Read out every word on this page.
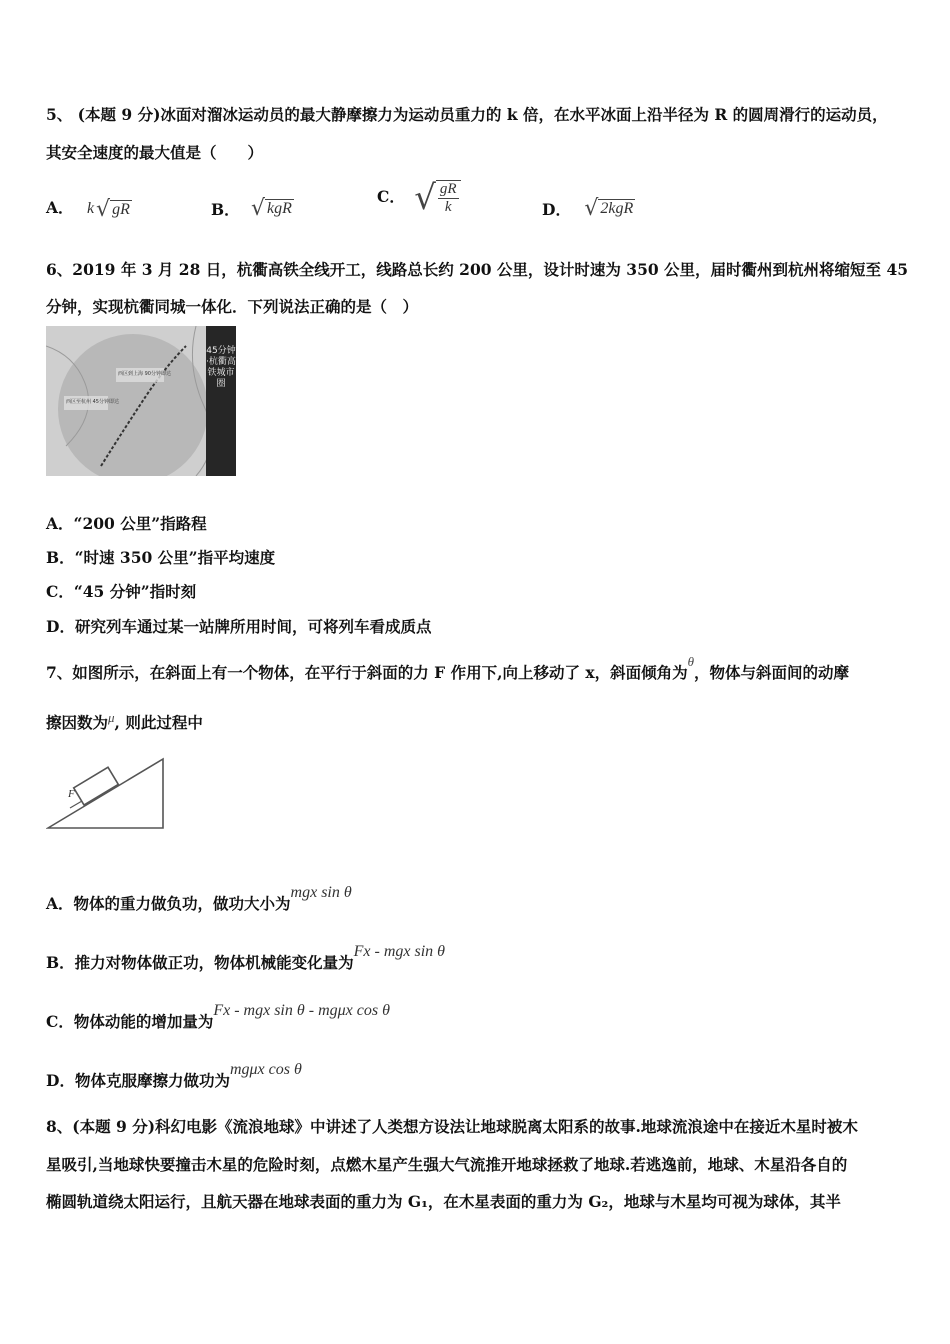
5、 (本题 9 分)冰面对溜冰运动员的最大静摩擦力为运动员重力的 k 倍，在水平冰面上沿半径为 R 的圆周滑行的运动员，
其安全速度的最大值是（　　）
A． k √ gR	B． √ kgR
C． √ $\frac{gR}{k}$	D． √ 2kgR
6、2019 年 3 月 28 日，杭衢高铁全线开工，线路总长约 200 公里，设计时速为 350 公里，届时衢州到杭州将缩短至 45
分钟，实现杭衢同城一体化．下列说法正确的是（　）
西区到上海 90分钟即达
西区至杭州 45分钟即达
45分钟·杭衢高铁城市圈
A．“200 公里”指路程
B．“时速 350 公里”指平均速度
C．“45 分钟”指时刻
D．研究列车通过某一站牌所用时间，可将列车看成质点
7、如图所示，在斜面上有一个物体，在平行于斜面的力 F 作用下,向上移动了 x，斜面倾角为$^\theta$，物体与斜面间的动摩
擦因数为$^\mu$, 则此过程中
F
A．物体的重力做负功，做功大小为mgx sin θ
B．推力对物体做正功，物体机械能变化量为Fx - mgx sin θ
C．物体动能的增加量为Fx - mgx sin θ - mgμx cos θ
D．物体克服摩擦力做功为mgμx cos θ
8、(本题 9 分)科幻电影《流浪地球》中讲述了人类想方设法让地球脱离太阳系的故事.地球流浪途中在接近木星时被木
星吸引,当地球快要撞击木星的危险时刻，点燃木星产生强大气流推开地球拯救了地球.若逃逸前，地球、木星沿各自的
椭圆轨道绕太阳运行，且航天器在地球表面的重力为 G₁，在木星表面的重力为 G₂，地球与木星均可视为球体，其半
